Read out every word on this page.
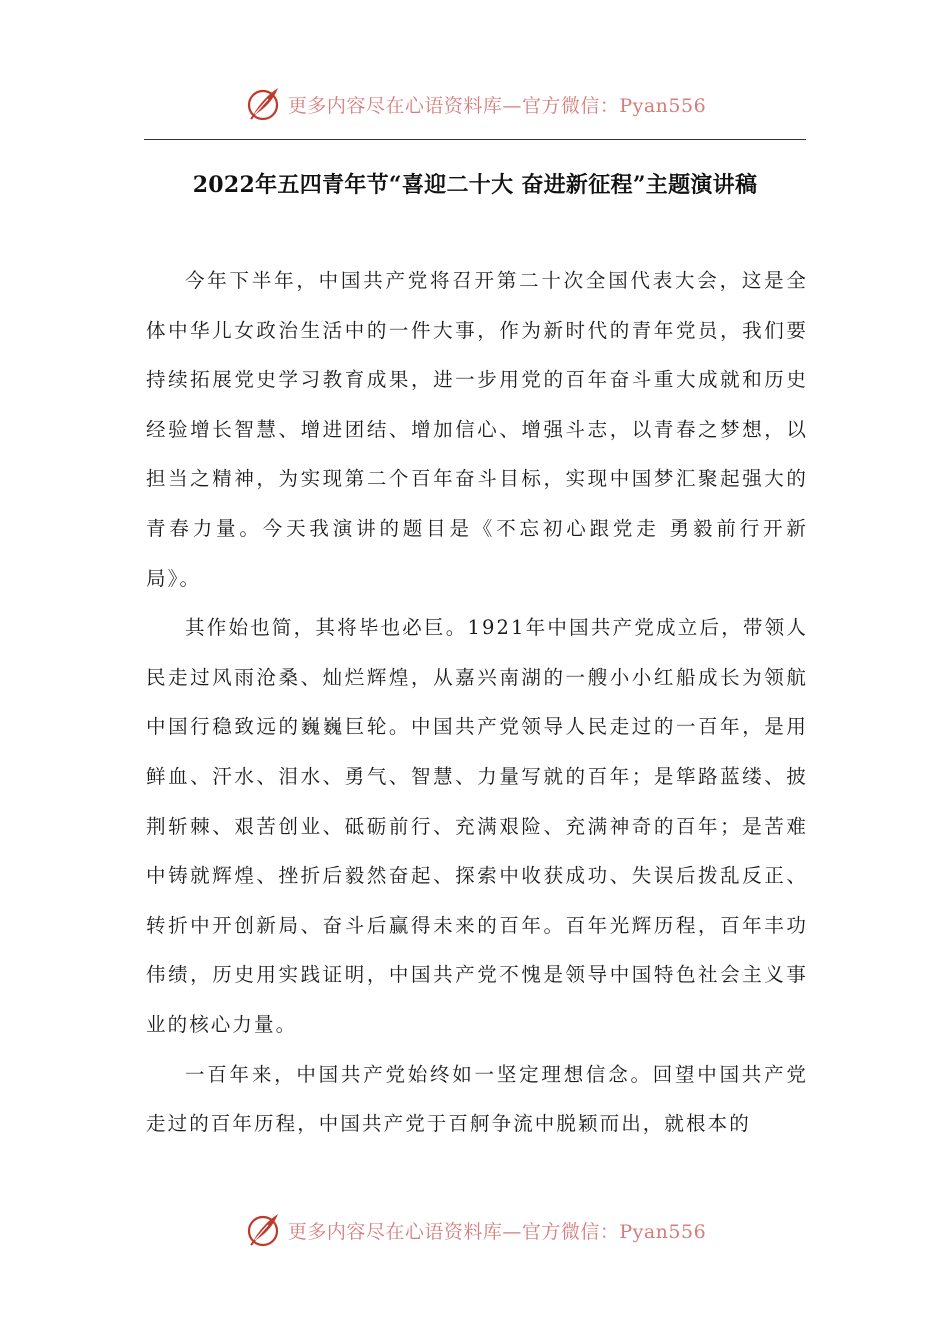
更多内容尽在心语资料库—官方微信：Pyan556
2022年五四青年节“喜迎二十大 奋进新征程”主题演讲稿

今年下半年，中国共产党将召开第二十次全国代表大会，这是全体中华儿女政治生活中的一件大事，作为新时代的青年党员，我们要持续拓展党史学习教育成果，进一步用党的百年奋斗重大成就和历史经验增长智慧、增进团结、增加信心、增强斗志，以青春之梦想，以担当之精神，为实现第二个百年奋斗目标，实现中国梦汇聚起强大的青春力量。今天我演讲的题目是《不忘初心跟党走 勇毅前行开新局》。

其作始也简，其将毕也必巨。1921年中国共产党成立后，带领人民走过风雨沧桑、灿烂辉煌，从嘉兴南湖的一艘小小红船成长为领航中国行稳致远的巍巍巨轮。中国共产党领导人民走过的一百年，是用鲜血、汗水、泪水、勇气、智慧、力量写就的百年；是筚路蓝缕、披荆斩棘、艰苦创业、砥砺前行、充满艰险、充满神奇的百年；是苦难中铸就辉煌、挫折后毅然奋起、探索中收获成功、失误后拨乱反正、转折中开创新局、奋斗后赢得未来的百年。百年光辉历程，百年丰功伟绩，历史用实践证明，中国共产党不愧是领导中国特色社会主义事业的核心力量。

一百年来，中国共产党始终如一坚定理想信念。回望中国共产党走过的百年历程，中国共产党于百舸争流中脱颖而出，就根本的

更多内容尽在心语资料库—官方微信：Pyan556
